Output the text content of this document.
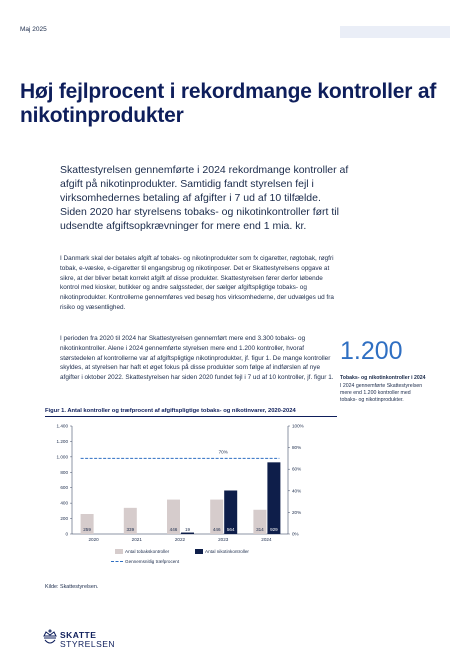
Maj 2025
Høj fejlprocent i rekordmange kontroller af nikotinprodukter
Skattestyrelsen gennemførte i 2024 rekordmange kontroller af afgift på nikotinprodukter. Samtidig fandt styrelsen fejl i virksomhedernes betaling af afgifter i 7 ud af 10 tilfælde. Siden 2020 har styrelsens tobaks- og nikotinkontroller ført til udsendte afgiftsopkrævninger for mere end 1 mia. kr.
I Danmark skal der betales afgift af tobaks- og nikotinprodukter som fx cigaretter, røgtobak, røgfri tobak, e-væske, e-cigaretter til engangsbrug og nikotinposer. Det er Skattestyrelsens opgave at sikre, at der bliver betalt korrekt afgift af disse produkter. Skattestyrelsen fører derfor løbende kontrol med kiosker, butikker og andre salgssteder, der sælger afgiftspligtige tobaks- og nikotinprodukter. Kontrollerne gennemføres ved besøg hos virksomhederne, der udvælges ud fra risiko og væsentlighed.
I perioden fra 2020 til 2024 har Skattestyrelsen gennemført mere end 3.300 tobaks- og nikotinkontroller. Alene i 2024 gennemførte styrelsen mere end 1.200 kontroller, hvoraf størstedelen af kontrollerne var af afgiftspligtige nikotinprodukter, jf. figur 1. De mange kontroller skyldes, at styrelsen har haft et øget fokus på disse produkter som følge af indførslen af nye afgifter i oktober 2022. Skattestyrelsen har siden 2020 fundet fejl i 7 ud af 10 kontroller, jf. figur 1.
1.200
Tobaks- og nikotinkontroller i 2024
I 2024 gennemførte Skattestyrelsen mere end 1.200 kontroller med tobaks- og nikotinprodukter.
Figur 1. Antal kontroller og træfprocent af afgiftspligtige tobaks- og nikotinvarer, 2020-2024
0
200
400
600
800
1.000
1.200
1.400
0%
20%
40%
60%
80%
100%
259
2020
339
2021
446 19
2022
446 564
2023
314 929
2024
70%
Antal tobakskontroller	Antal nikotinkontroller
Gennemsnitlig træfprocent
Kilde: Skattestyrelsen.
SKATTE
STYRELSEN
